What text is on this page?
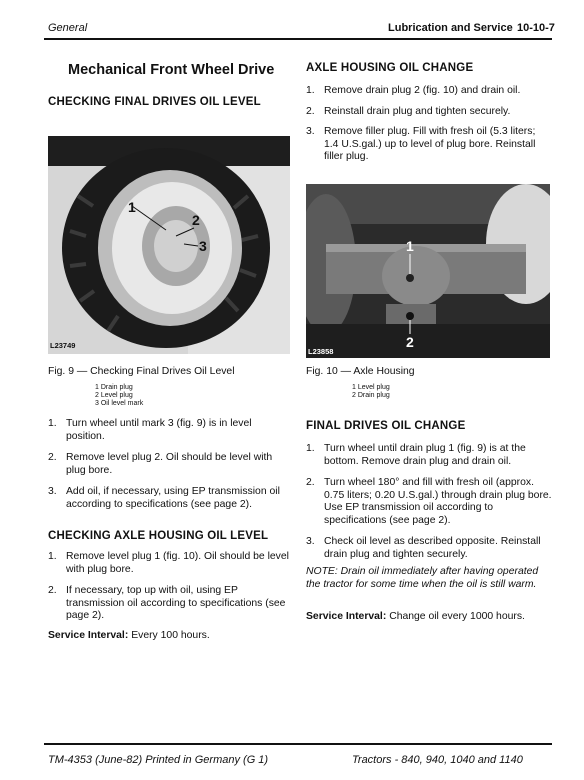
General	Lubrication and Service 10-10-7
Mechanical Front Wheel Drive
CHECKING FINAL DRIVES OIL LEVEL
1
2
3
L23749
Fig. 9 — Checking Final Drives Oil Level
1 Drain plug
2 Level plug
3 Oil level mark
1. Turn wheel until mark 3 (fig. 9) is in level position.
2. Remove level plug 2. Oil should be level with plug bore.
3. Add oil, if necessary, using EP transmission oil according to specifications (see page 2).
CHECKING AXLE HOUSING OIL LEVEL
1. Remove level plug 1 (fig. 10). Oil should be level with plug bore.
2. If necessary, top up with oil, using EP transmission oil according to specifications (see page 2).
Service Interval: Every 100 hours.
AXLE HOUSING OIL CHANGE
1. Remove drain plug 2 (fig. 10) and drain oil.
2. Reinstall drain plug and tighten securely.
3. Remove filler plug. Fill with fresh oil (5.3 liters; 1.4 U.S.gal.) up to level of plug bore. Reinstall filler plug.
1
2
L23858
Fig. 10 — Axle Housing
1 Level plug
2 Drain plug
FINAL DRIVES OIL CHANGE
1. Turn wheel until drain plug 1 (fig. 9) is at the bottom. Remove drain plug and drain oil.
2. Turn wheel 180° and fill with fresh oil (approx. 0.75 liters; 0.20 U.S.gal.) through drain plug bore. Use EP transmission oil according to specifications (see page 2).
3. Check oil level as described opposite. Reinstall drain plug and tighten securely.
NOTE: Drain oil immediately after having operated the tractor for some time when the oil is still warm.
Service Interval: Change oil every 1000 hours.
TM-4353 (June-82) Printed in Germany (G 1)	Tractors - 840, 940, 1040 and 1140
